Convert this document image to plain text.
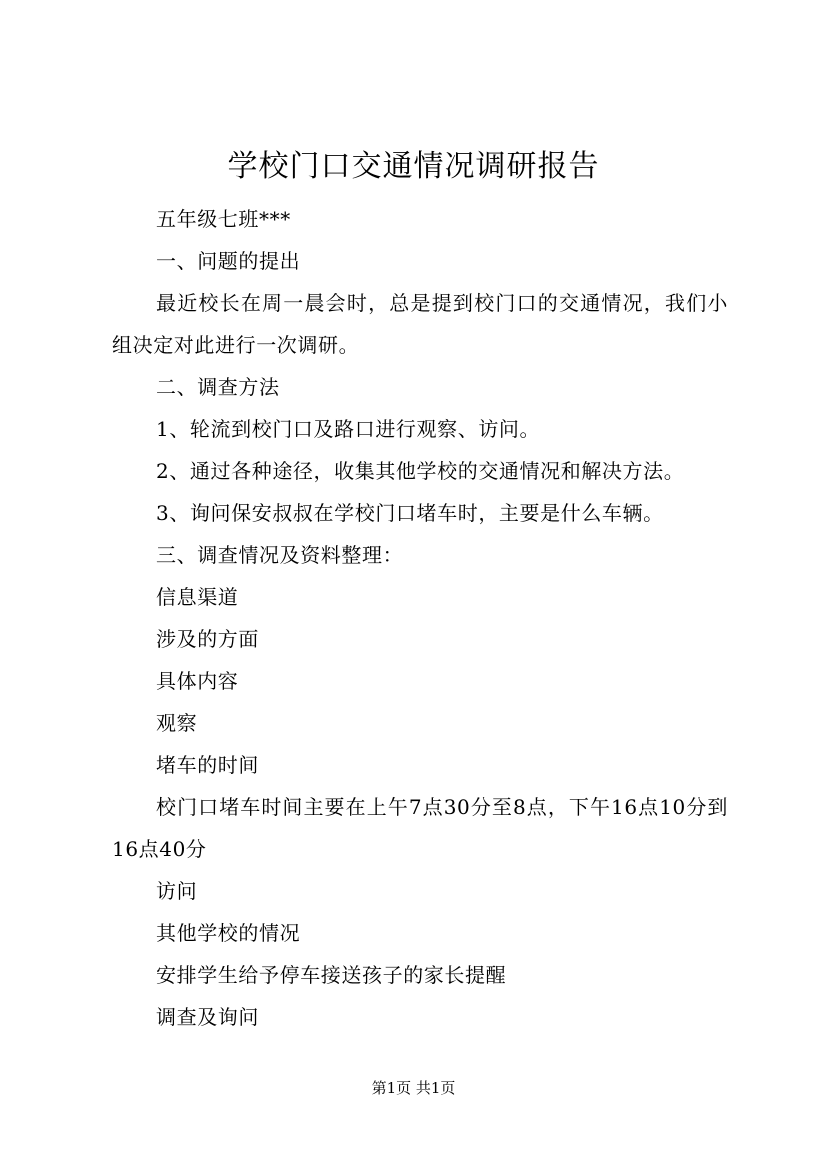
学校门口交通情况调研报告

五年级七班***

一、问题的提出

最近校长在周一晨会时，总是提到校门口的交通情况，我们小组决定对此进行一次调研。

二、调查方法

1、轮流到校门口及路口进行观察、访问。

2、通过各种途径，收集其他学校的交通情况和解决方法。

3、询问保安叔叔在学校门口堵车时，主要是什么车辆。

三、调查情况及资料整理：

信息渠道

涉及的方面

具体内容

观察

堵车的时间

校门口堵车时间主要在上午7点30分至8点，下午16点10分到16点40分

访问

其他学校的情况

安排学生给予停车接送孩子的家长提醒

调查及询问

第1页 共1页
